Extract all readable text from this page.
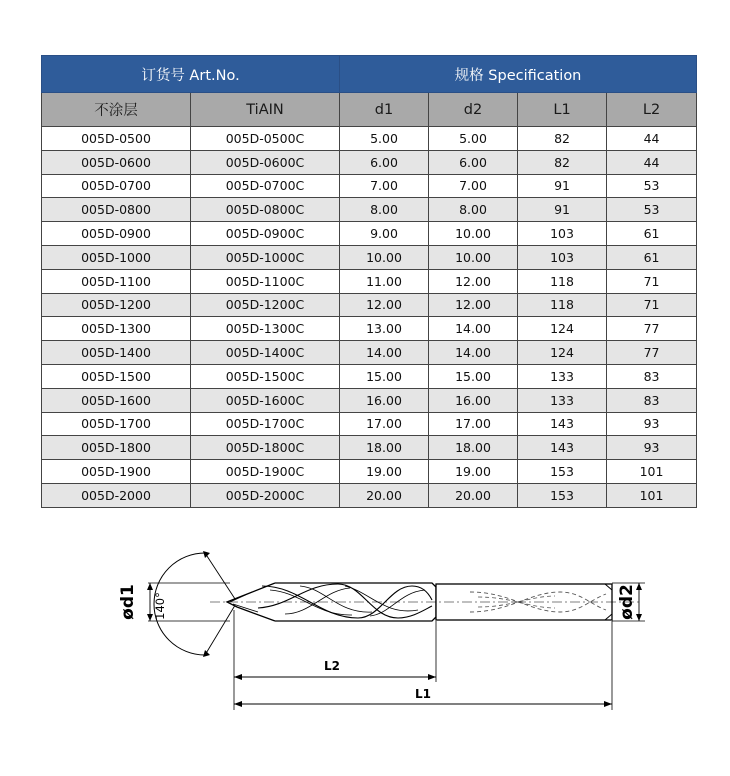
订货号 Art.No.		规格 Specification			
不涂层	TiAIN	d1	d2	L1	L2
005D-0500	005D-0500C	5.00	5.00	82	44
005D-0600	005D-0600C	6.00	6.00	82	44
005D-0700	005D-0700C	7.00	7.00	91	53
005D-0800	005D-0800C	8.00	8.00	91	53
005D-0900	005D-0900C	9.00	10.00	103	61
005D-1000	005D-1000C	10.00	10.00	103	61
005D-1100	005D-1100C	11.00	12.00	118	71
005D-1200	005D-1200C	12.00	12.00	118	71
005D-1300	005D-1300C	13.00	14.00	124	77
005D-1400	005D-1400C	14.00	14.00	124	77
005D-1500	005D-1500C	15.00	15.00	133	83
005D-1600	005D-1600C	16.00	16.00	133	83
005D-1700	005D-1700C	17.00	17.00	143	93
005D-1800	005D-1800C	18.00	18.00	143	93
005D-1900	005D-1900C	19.00	19.00	153	101
005D-2000	005D-2000C	20.00	20.00	153	101
ød1 140°	ød2
L2
L1
